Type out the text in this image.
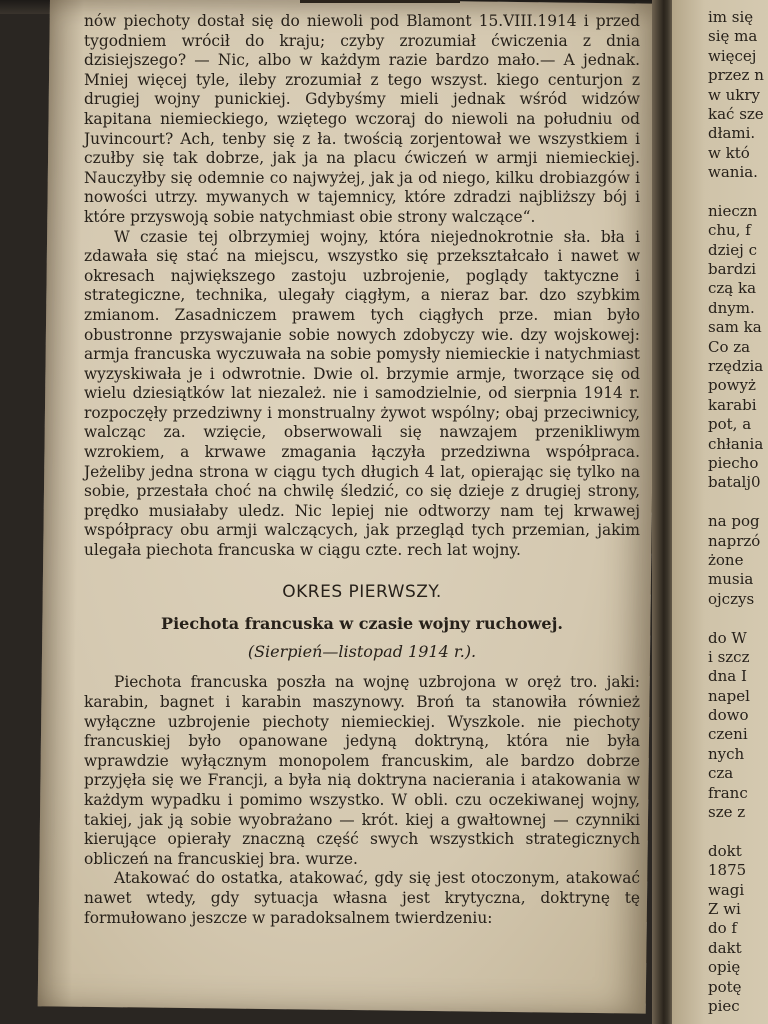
nów piechoty dostał się do niewoli pod Blamont 15.VIII.1914 i przed tygodniem wrócił do kraju; czyby zrozumiał ćwiczenia z dnia dzisiejszego? — Nic, albo w każdym razie bardzo mało.— A jednak. Mniej więcej tyle, ileby zrozumiał z tego wszyst. kiego centurjon z drugiej wojny punickiej. Gdybyśmy mieli jednak wśród widzów kapitana niemieckiego, wziętego wczoraj do niewoli na południu od Juvincourt? Ach, tenby się z ła. twością zorjentował we wszystkiem i czułby się tak dobrze, jak ja na placu ćwiczeń w armji niemieckiej. Nauczyłby się odemnie co najwyżej, jak ja od niego, kilku drobiazgów i nowości utrzy. mywanych w tajemnicy, które zdradzi najbliższy bój i które przyswoją sobie natychmiast obie strony walczące“.

W czasie tej olbrzymiej wojny, która niejednokrotnie sła. bła i zdawała się stać na miejscu, wszystko się przekształcało i nawet w okresach największego zastoju uzbrojenie, poglądy taktyczne i strategiczne, technika, ulegały ciągłym, a nieraz bar. dzo szybkim zmianom. Zasadniczem prawem tych ciągłych prze. mian było obustronne przyswajanie sobie nowych zdobyczy wie. dzy wojskowej: armja francuska wyczuwała na sobie pomysły niemieckie i natychmiast wyzyskiwała je i odwrotnie. Dwie ol. brzymie armje, tworzące się od wielu dziesiątków lat niezależ. nie i samodzielnie, od sierpnia 1914 r. rozpoczęły przedziwny i monstrualny żywot wspólny; obaj przeciwnicy, walcząc za. wzięcie, obserwowali się nawzajem przenikliwym wzrokiem, a krwawe zmagania łączyła przedziwna współpraca. Jeżeliby jedna strona w ciągu tych długich 4 lat, opierając się tylko na sobie, przestała choć na chwilę śledzić, co się dzieje z drugiej strony, prędko musiałaby uledz. Nic lepiej nie odtworzy nam tej krwawej współpracy obu armji walczących, jak przegląd tych przemian, jakim ulegała piechota francuska w ciągu czte. rech lat wojny.

OKRES PIERWSZY.

Piechota francuska w czasie wojny ruchowej.

(Sierpień—listopad 1914 r.).

Piechota francuska poszła na wojnę uzbrojona w oręż tro. jaki: karabin, bagnet i karabin maszynowy. Broń ta stanowiła również wyłączne uzbrojenie piechoty niemieckiej. Wyszkole. nie piechoty francuskiej było opanowane jedyną doktryną, która nie była wprawdzie wyłącznym monopolem francuskim, ale bardzo dobrze przyjęła się we Francji, a była nią doktryna nacierania i atakowania w każdym wypadku i pomimo wszystko. W obli. czu oczekiwanej wojny, takiej, jak ją sobie wyobrażano — krót. kiej a gwałtownej — czynniki kierujące opierały znaczną część swych wszystkich strategicznych obliczeń na francuskiej bra. wurze.

Atakować do ostatka, atakować, gdy się jest otoczonym, atakować nawet wtedy, gdy sytuacja własna jest krytyczna, doktrynę tę formułowano jeszcze w paradoksalnem twierdzeniu:

im się
się ma
więcej
przez n
w ukry
kać sze
dłami.
w któ
wania.
nieczn
chu, f
dziej c
bardzi
czą ka
dnym.
sam ka
Co za
rzędzia
powyż
karabi
pot, a
chłania
piecho
batalj0
na pog
naprzó
żone
musia
ojczys
do W
i szcz
dna I
napel
dowo
czeni
nych
cza
franc
sze z
dokt
1875
wagi
Z wi
do f
dakt
opię
potę
piec
